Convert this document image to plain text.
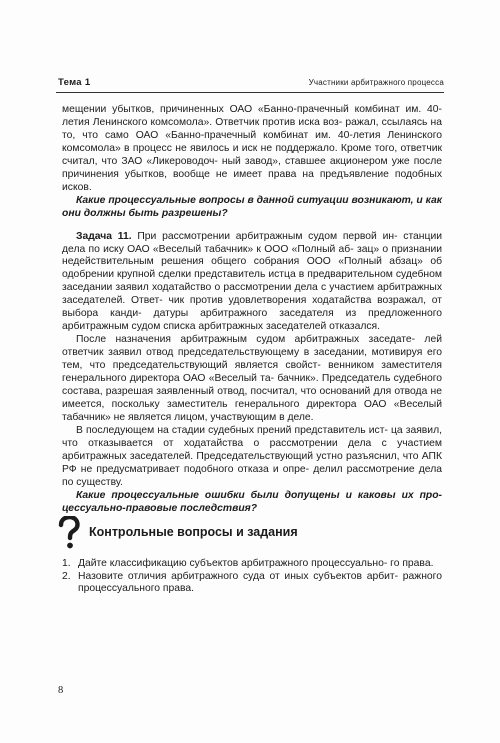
Тема 1	Участники арбитражного процесса

мещении убытков, причиненных ОАО «Банно-прачечный комбинат им. 40-летия Ленинского комсомола». Ответчик против иска воз- ражал, ссылаясь на то, что само ОАО «Банно-прачечный комбинат им. 40-летия Ленинского комсомола» в процесс не явилось и иск не поддержало. Кроме того, ответчик считал, что ЗАО «Ликероводоч- ный завод», ставшее акционером уже после причинения убытков, вообще не имеет права на предъявление подобных исков.

Какие процессуальные вопросы в данной ситуации возникают, и как они должны быть разрешены?

Задача 11. При рассмотрении арбитражным судом первой ин- станции дела по иску ОАО «Веселый табачник» к ООО «Полный аб- зац» о признании недействительным решения общего собрания ООО «Полный абзац» об одобрении крупной сделки представитель истца в предварительном судебном заседании заявил ходатайство о рассмотрении дела с участием арбитражных заседателей. Ответ- чик против удовлетворения ходатайства возражал, от выбора канди- датуры арбитражного заседателя из предложенного арбитражным судом списка арбитражных заседателей отказался.

После назначения арбитражным судом арбитражных заседате- лей ответчик заявил отвод председательствующему в заседании, мотивируя его тем, что председательствующий является свойст- венником заместителя генерального директора ОАО «Веселый та- бачник». Председатель судебного состава, разрешая заявленный отвод, посчитал, что оснований для отвода не имеется, поскольку заместитель генерального директора ОАО «Веселый табачник» не является лицом, участвующим в деле.

В последующем на стадии судебных прений представитель ист- ца заявил, что отказывается от ходатайства о рассмотрении дела с участием арбитражных заседателей. Председательствующий устно разъяснил, что АПК РФ не предусматривает подобного отказа и опре- делил рассмотрение дела по существу.

Какие процессуальные ошибки были допущены и каковы их про- цессуально-правовые последствия?

Контрольные вопросы и задания
1. Дайте классификацию субъектов арбитражного процессуально- го права.
2. Назовите отличия арбитражного суда от иных субъектов арбит- ражного процессуального права.
8
